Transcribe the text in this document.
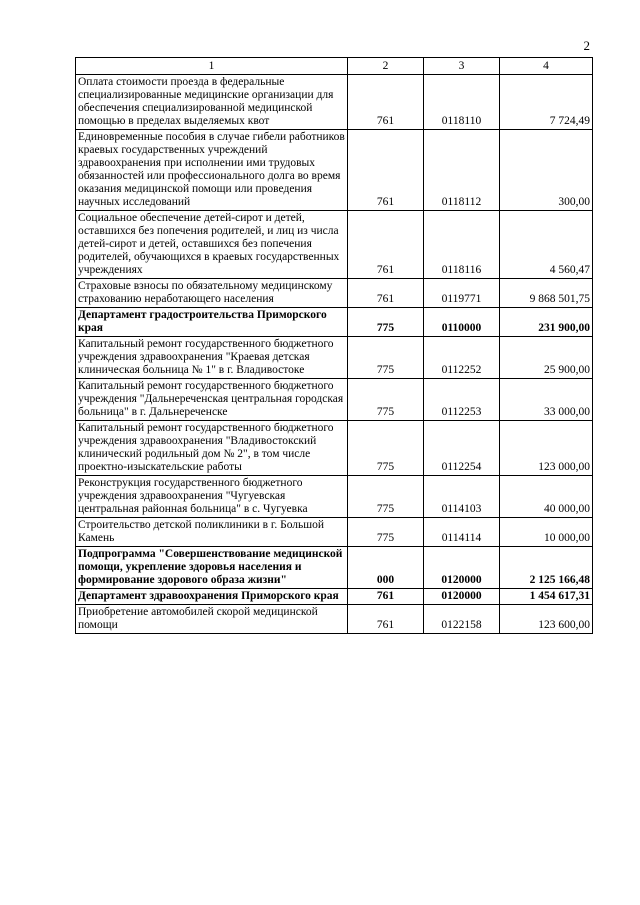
2
1	2	3	4
Оплата стоимости проезда в федеральные специализированные медицинские организации для обеспечения специализированной медицинской помощью в пределах выделяемых квот	761	0118110	7 724,49
Единовременные пособия в случае гибели работников краевых государственных учреждений здравоохранения при исполнении ими трудовых обязанностей или профессионального долга во время оказания медицинской помощи или проведения научных исследований	761	0118112	300,00
Социальное обеспечение детей-сирот и детей, оставшихся без попечения родителей, и лиц из числа детей-сирот и детей, оставшихся без попечения родителей, обучающихся в краевых государственных учреждениях	761	0118116	4 560,47
Страховые взносы по обязательному медицинскому страхованию неработающего населения	761	0119771	9 868 501,75
Департамент градостроительства Приморского края	775	0110000	231 900,00
Капитальный ремонт государственного бюджетного учреждения здравоохранения "Краевая детская клиническая больница № 1" в г. Владивостоке	775	0112252	25 900,00
Капитальный ремонт государственного бюджетного учреждения "Дальнереченская центральная городская больница" в г. Дальнереченске	775	0112253	33 000,00
Капитальный ремонт государственного бюджетного учреждения здравоохранения "Владивостокский клинический родильный дом № 2", в том числе проектно-изыскательские работы	775	0112254	123 000,00
Реконструкция государственного бюджетного учреждения здравоохранения "Чугуевская центральная районная больница" в с. Чугуевка	775	0114103	40 000,00
Строительство детской поликлиники в г. Большой Камень	775	0114114	10 000,00
Подпрограмма "Совершенствование медицинской помощи, укрепление здоровья населения и формирование здорового образа жизни"	000	0120000	2 125 166,48
Департамент здравоохранения Приморского края	761	0120000	1 454 617,31
Приобретение автомобилей скорой медицинской помощи	761	0122158	123 600,00
